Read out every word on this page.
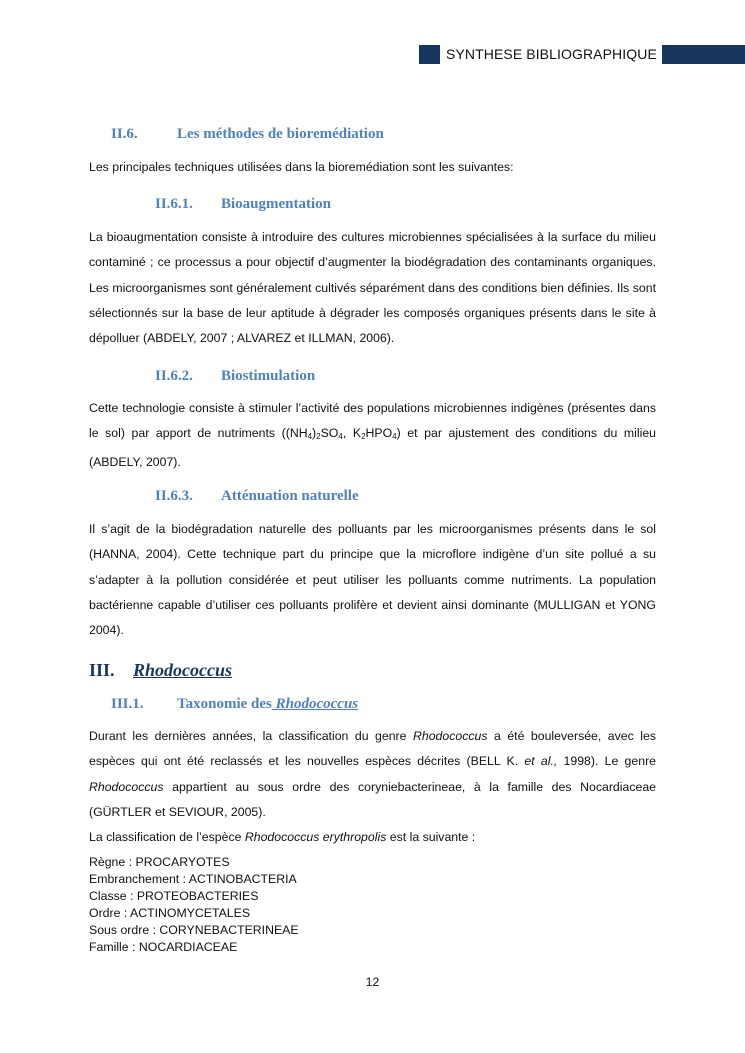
SYNTHESE BIBLIOGRAPHIQUE
II.6.	Les méthodes de bioremédiation
Les principales techniques utilisées dans la bioremédiation sont les suivantes:
II.6.1. Bioaugmentation
La bioaugmentation consiste à introduire des cultures microbiennes spécialisées à la surface du milieu contaminé ; ce processus a pour objectif d’augmenter la biodégradation des contaminants organiques. Les microorganismes sont généralement cultivés séparément dans des conditions bien définies. Ils sont sélectionnés sur la base de leur aptitude à dégrader les composés organiques présents dans le site à dépolluer (ABDELY, 2007 ; ALVAREZ et ILLMAN, 2006).
II.6.2. Biostimulation
Cette technologie consiste à stimuler l’activité des populations microbiennes indigènes (présentes dans le sol) par apport de nutriments ($(NH_4)_2SO_4$, $K_2HPO_4$) et par ajustement des conditions du milieu (ABDELY, 2007).
II.6.3. Atténuation naturelle
Il s’agit de la biodégradation naturelle des polluants par les microorganismes présents dans le sol (HANNA, 2004). Cette technique part du principe que la microflore indigène d’un site pollué a su s’adapter à la pollution considérée et peut utiliser les polluants comme nutriments. La population bactérienne capable d’utiliser ces polluants prolifère et devient ainsi dominante (MULLIGAN et YONG 2004).
III. Rhodococcus
III.1. Taxonomie des Rhodococcus
Durant les dernières années, la classification du genre Rhodococcus a été bouleversée, avec les espèces qui ont été reclassés et les nouvelles espèces décrites (BELL K. et al., 1998). Le genre Rhodococcus appartient au sous ordre des coryniebacterineae, à la famille des Nocardiaceae (GÜRTLER et SEVIOUR, 2005).
La classification de l’espèce Rhodococcus erythropolis est la suivante :
Règne : PROCARYOTES
Embranchement : ACTINOBACTERIA
Classe : PROTEOBACTERIES
Ordre : ACTINOMYCETALES
Sous ordre : CORYNEBACTERINEAE
Famille : NOCARDIACEAE
12
